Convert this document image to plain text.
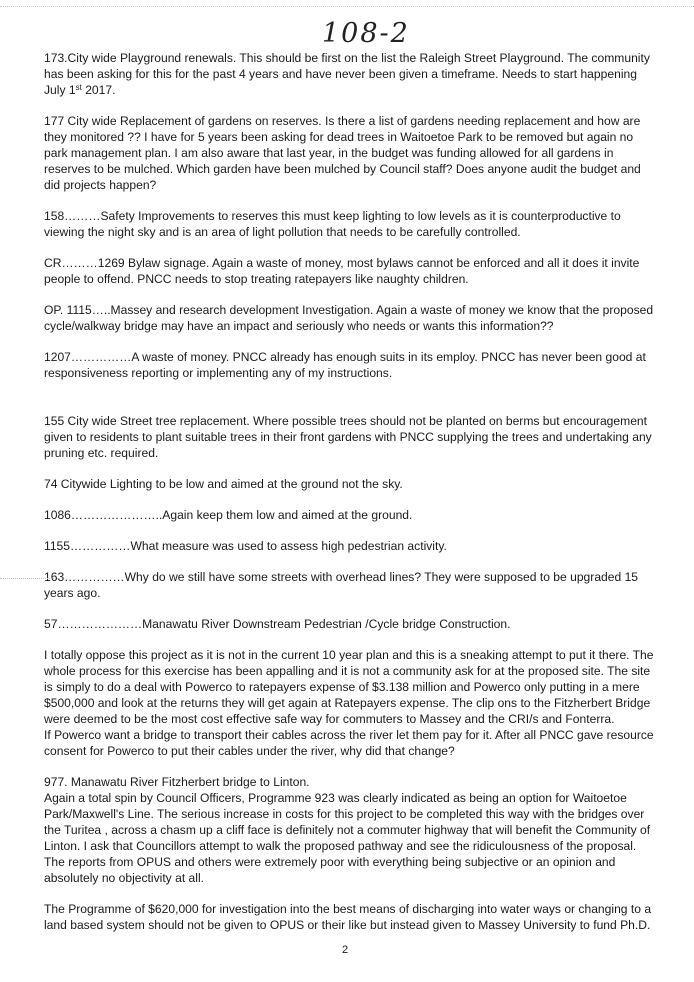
108-2

173.City wide Playground renewals. This should be first on the list the Raleigh Street Playground. The community has been asking for this for the past 4 years and have never been given a timeframe. Needs to start happening July 1st 2017.

177 City wide Replacement of gardens on reserves. Is there a list of gardens needing replacement and how are they monitored ?? I have for 5 years been asking for dead trees in Waitoetoe Park to be removed but again no park management plan. I am also aware that last year, in the budget was funding allowed for all gardens in reserves to be mulched. Which garden have been mulched by Council staff? Does anyone audit the budget and did projects happen?

158………Safety Improvements to reserves this must keep lighting to low levels as it is counterproductive to viewing the night sky and is an area of light pollution that needs to be carefully controlled.

CR………1269 Bylaw signage. Again a waste of money, most bylaws cannot be enforced and all it does it invite people to offend. PNCC needs to stop treating ratepayers like naughty children.

OP. 1115…..Massey and research development Investigation. Again a waste of money we know that the proposed cycle/walkway bridge may have an impact and seriously who needs or wants this information??

1207……………A waste of money. PNCC already has enough suits in its employ. PNCC has never been good at responsiveness reporting or implementing any of my instructions.

155 City wide Street tree replacement. Where possible trees should not be planted on berms but encouragement given to residents to plant suitable trees in their front gardens with PNCC supplying the trees and undertaking any pruning etc. required.

74 Citywide Lighting to be low and aimed at the ground not the sky.

1086…………………..Again keep them low and aimed at the ground.

1155……………What measure was used to assess high pedestrian activity.

163……………Why do we still have some streets with overhead lines? They were supposed to be upgraded 15 years ago.

57…………………Manawatu River Downstream Pedestrian /Cycle bridge Construction.

I totally oppose this project as it is not in the current 10 year plan and this is a sneaking attempt to put it there. The whole process for this exercise has been appalling and it is not a community ask for at the proposed site. The site is simply to do a deal with Powerco to ratepayers expense of $3.138 million and Powerco only putting in a mere $500,000 and look at the returns they will get again at Ratepayers expense. The clip ons to the Fitzherbert Bridge were deemed to be the most cost effective safe way for commuters to Massey and the CRI/s and Fonterra.
If Powerco want a bridge to transport their cables across the river let them pay for it. After all PNCC gave resource consent for Powerco to put their cables under the river, why did that change?

977. Manawatu River Fitzherbert bridge to Linton.
Again a total spin by Council Officers, Programme 923 was clearly indicated as being an option for Waitoetoe Park/Maxwell's Line. The serious increase in costs for this project to be completed this way with the bridges over the Turitea , across a chasm up a cliff face is definitely not a commuter highway that will benefit the Community of Linton. I ask that Councillors attempt to walk the proposed pathway and see the ridiculousness of the proposal. The reports from OPUS and others were extremely poor with everything being subjective or an opinion and absolutely no objectivity at all.

The Programme of $620,000 for investigation into the best means of discharging into water ways or changing to a land based system should not be given to OPUS or their like but instead given to Massey University to fund Ph.D.

2
